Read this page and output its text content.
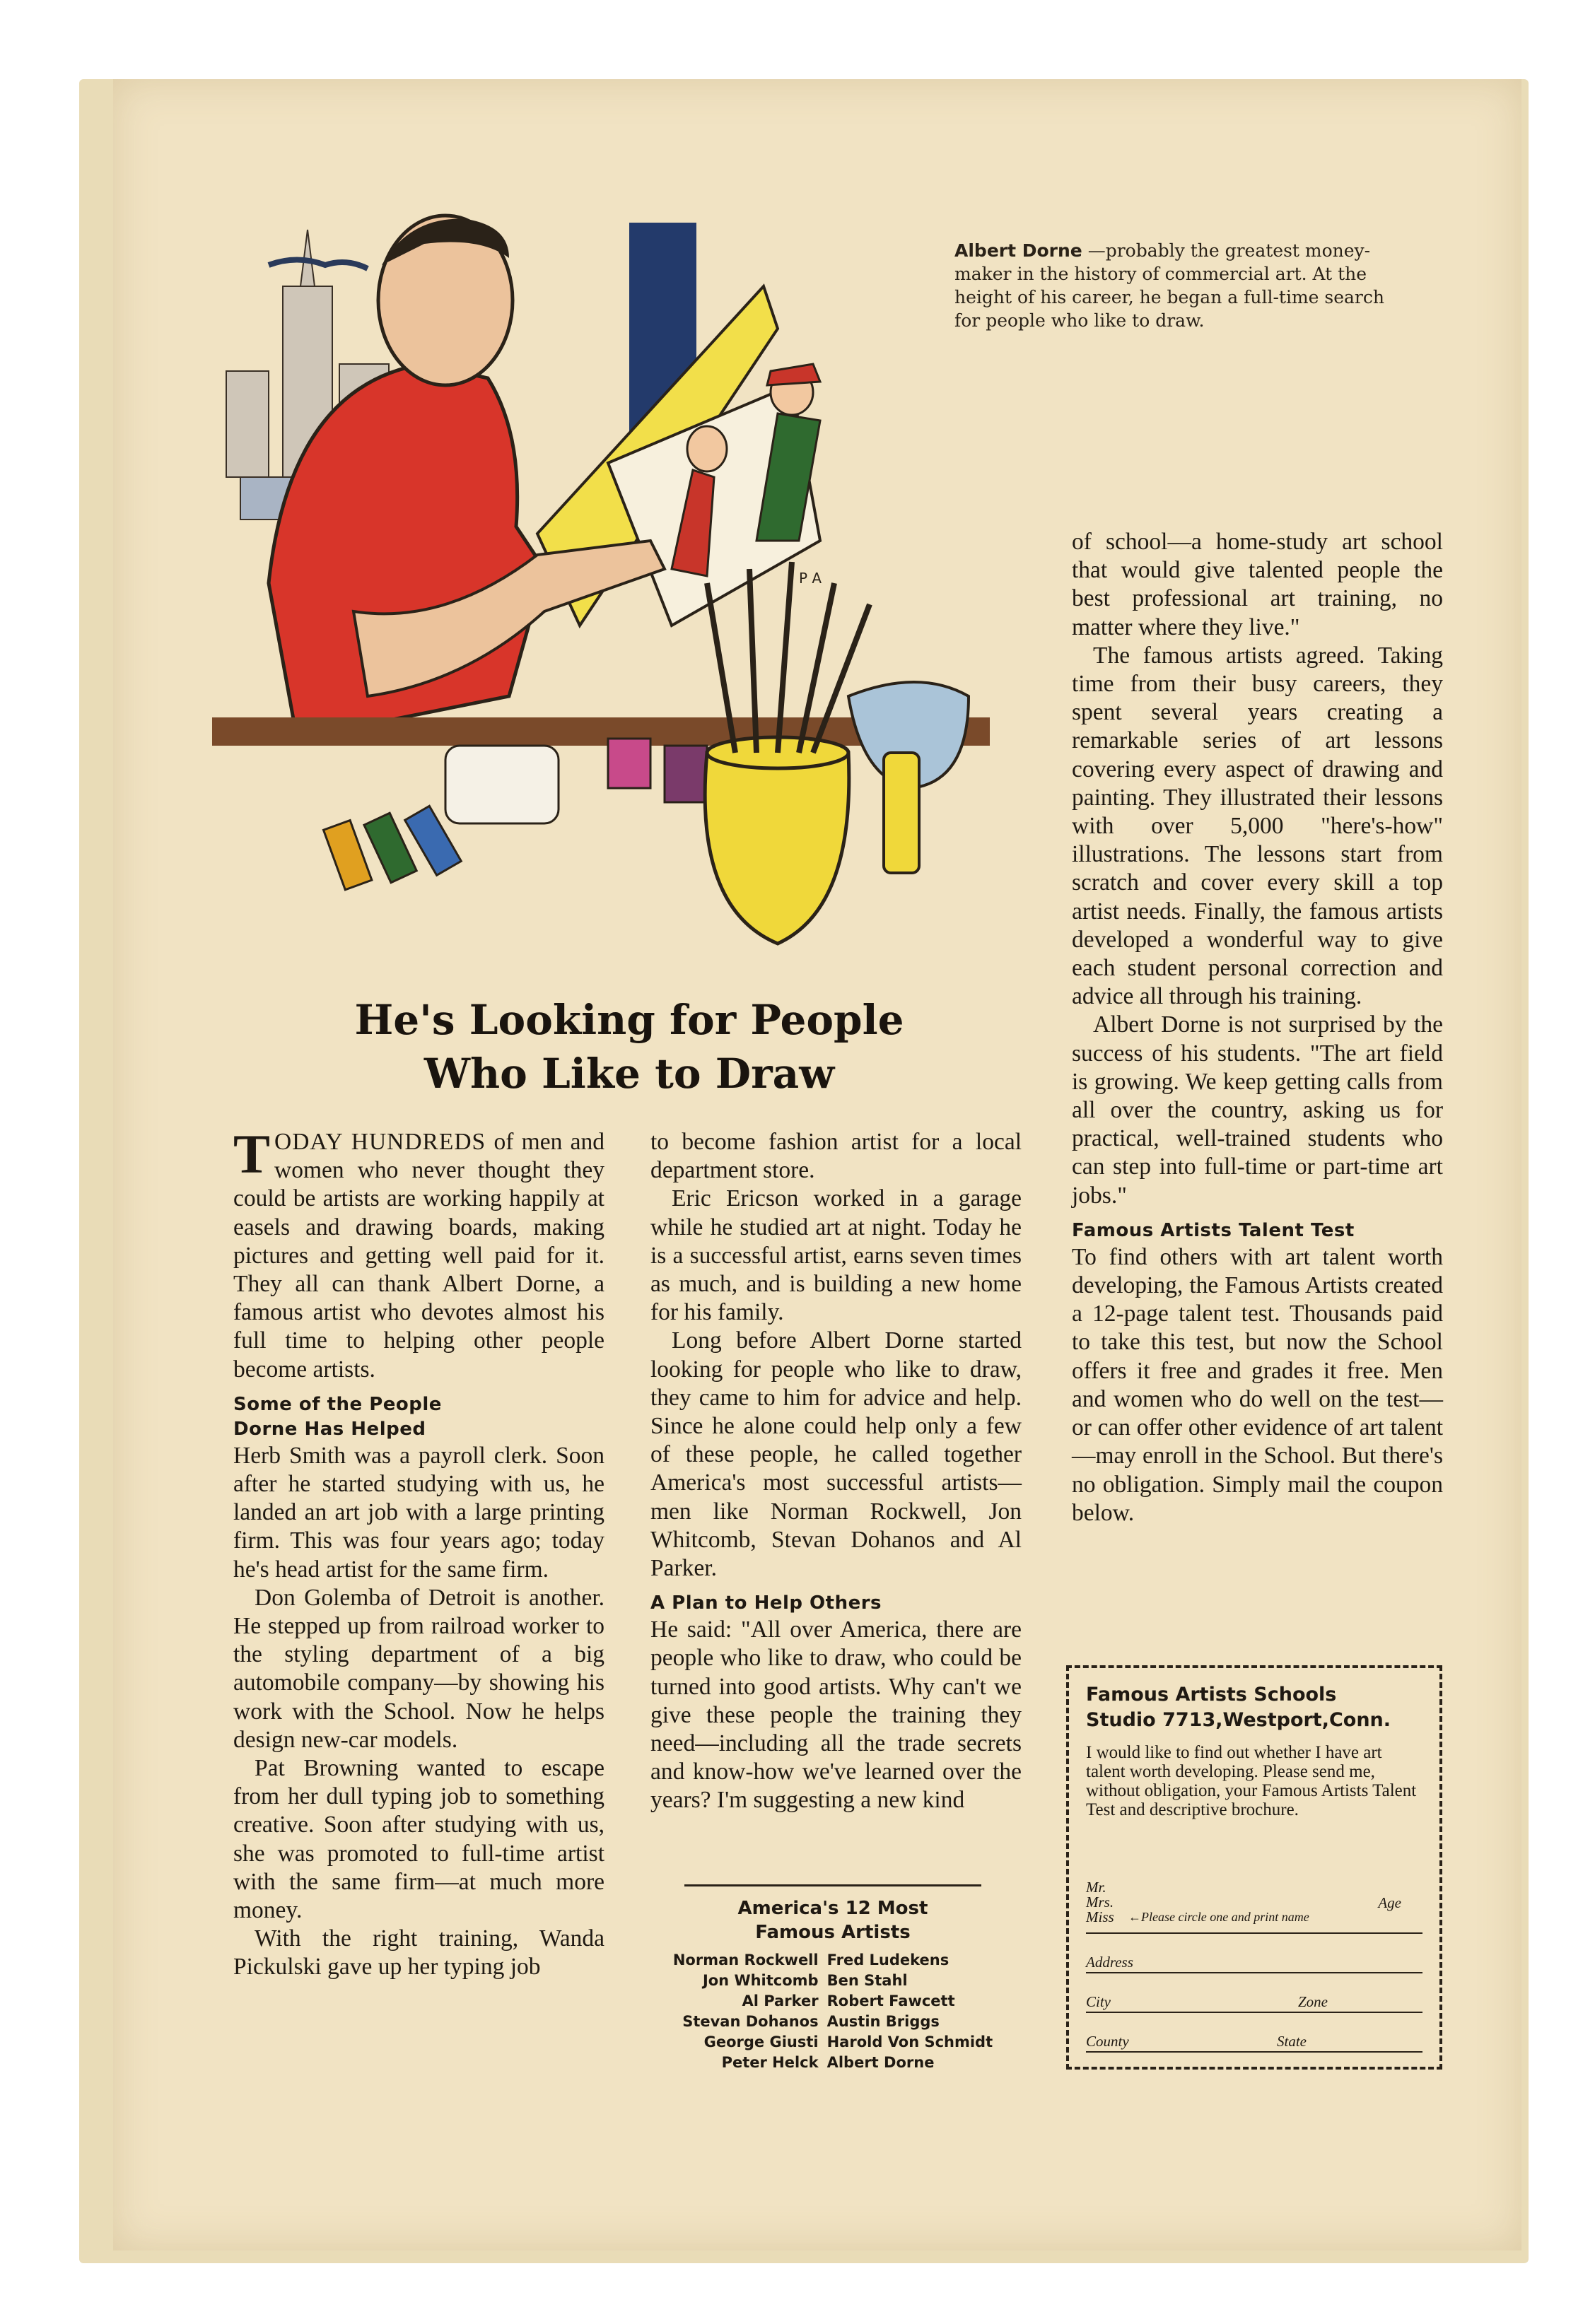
P A
Albert Dorne —probably the greatest money-maker in the history of commercial art. At the height of his career, he began a full-time search for people who like to draw.
He's Looking for People
Who Like to Draw

T ODAY HUNDREDS of men and women who never thought they could be artists are working happily at easels and drawing boards, making pictures and getting well paid for it. They all can thank Albert Dorne, a famous artist who devotes almost his full time to helping other people become artists.

Some of the People
Dorne Has Helped

Herb Smith was a payroll clerk. Soon after he started studying with us, he landed an art job with a large printing firm. This was four years ago; today he's head artist for the same firm.

Don Golemba of Detroit is another. He stepped up from railroad worker to the styling department of a big automobile company—by showing his work with the School. Now he helps design new-car models.

Pat Browning wanted to escape from her dull typing job to something creative. Soon after studying with us, she was promoted to full-time artist with the same firm—at much more money.

With the right training, Wanda Pickulski gave up her typing job

to become fashion artist for a local department store.

Eric Ericson worked in a garage while he studied art at night. Today he is a successful artist, earns seven times as much, and is building a new home for his family.

Long before Albert Dorne started looking for people who like to draw, they came to him for advice and help. Since he alone could help only a few of these people, he called together America's most successful artists—men like Norman Rockwell, Jon Whitcomb, Stevan Dohanos and Al Parker.

A Plan to Help Others

He said: "All over America, there are people who like to draw, who could be turned into good artists. Why can't we give these people the training they need—including all the trade secrets and know-how we've learned over the years? I'm suggesting a new kind

of school—a home-study art school that would give talented people the best professional art training, no matter where they live."

The famous artists agreed. Taking time from their busy careers, they spent several years creating a remarkable series of art lessons covering every aspect of drawing and painting. They illustrated their lessons with over 5,000 "here's-how" illustrations. The lessons start from scratch and cover every skill a top artist needs. Finally, the famous artists developed a wonderful way to give each student personal correction and advice all through his training.

Albert Dorne is not surprised by the success of his students. "The art field is growing. We keep getting calls from all over the country, asking us for practical, well-trained students who can step into full-time or part-time art jobs."

Famous Artists Talent Test

To find others with art talent worth developing, the Famous Artists created a 12-page talent test. Thousands paid to take this test, but now the School offers it free and grades it free. Men and women who do well on the test—or can offer other evidence of art talent—may enroll in the School. But there's no obligation. Simply mail the coupon below.

America's 12 Most
Famous Artists
Norman Rockwell	Fred Ludekens
Jon Whitcomb	Ben Stahl
Al Parker	Robert Fawcett
Stevan Dohanos	Austin Briggs
George Giusti	Harold Von Schmidt
Peter Helck	Albert Dorne
Famous Artists Schools
Studio 7713,Westport,Conn.
I would like to find out whether I have art talent worth developing. Please send me, without obligation, your Famous Artists Talent Test and descriptive brochure.
Mr.
Mrs.
Miss ←Please circle one and print name
Age
Address
City	Zone
County	State
